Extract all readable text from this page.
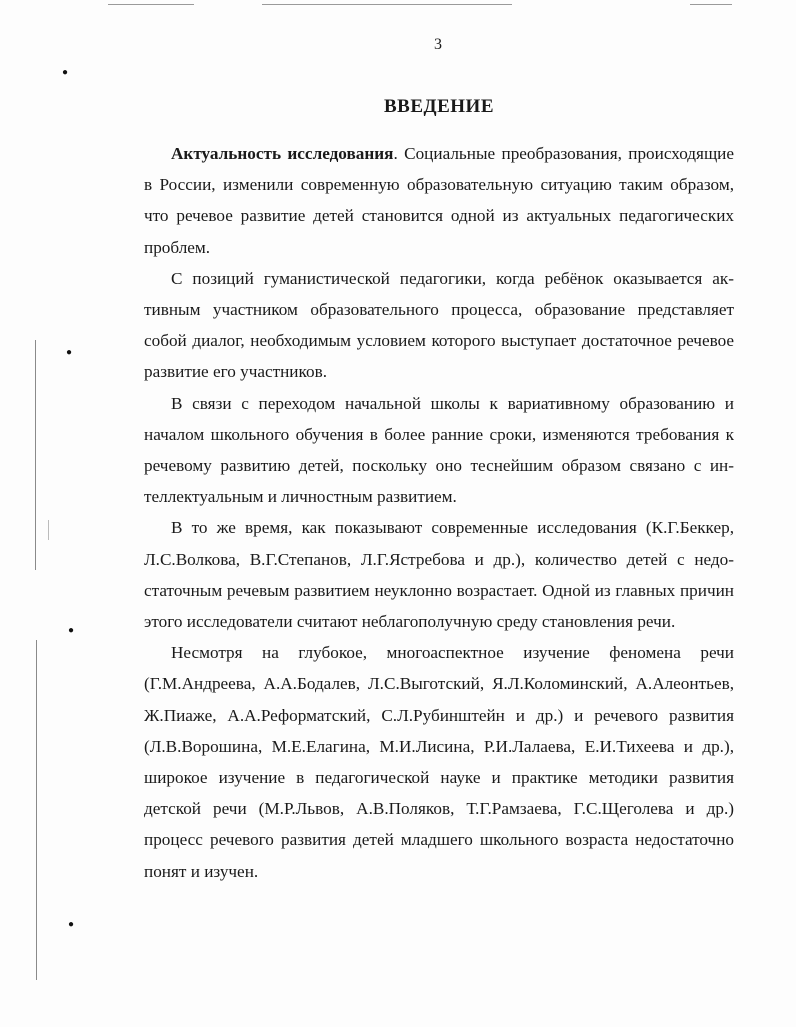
●
●
●
●
3
ВВЕДЕНИЕ

Актуальность исследования. Социальные преобразования, происходящие в России, изменили современную образовательную ситуацию таким образом, что речевое развитие детей становится одной из актуальных педагогических проблем.

С позиций гуманистической педагогики, когда ребёнок оказывается активным участником образовательного процесса, образование представляет собой диалог, необходимым условием которого выступает достаточное речевое развитие его участников.

В связи с переходом начальной школы к вариативному образованию и началом школьного обучения в более ранние сроки, изменяются требования к речевому развитию детей, поскольку оно теснейшим образом связано с интеллектуальным и личностным развитием.

В то же время, как показывают современные исследования (К.Г.Беккер, Л.С.Волкова, В.Г.Степанов, Л.Г.Ястребова и др.), количество детей с недостаточным речевым развитием неуклонно возрастает. Одной из главных причин этого исследователи считают неблагополучную среду становления речи.

Несмотря на глубокое, многоаспектное изучение феномена речи (Г.М.Андреева, А.А.Бодалев, Л.С.Выготский, Я.Л.Коломинский, А.Алеонтьев, Ж.Пиаже, А.А.Реформатский, С.Л.Рубинштейн и др.) и речевого развития (Л.В.Ворошина, М.Е.Елагина, М.И.Лисина, Р.И.Лалаева, Е.И.Тихеева и др.), широкое изучение в педагогической науке и практике методики развития детской речи (М.Р.Львов, А.В.Поляков, Т.Г.Рамзаева, Г.С.Щеголева и др.) процесс речевого развития детей младшего школьного возраста недостаточно понят и изучен.
